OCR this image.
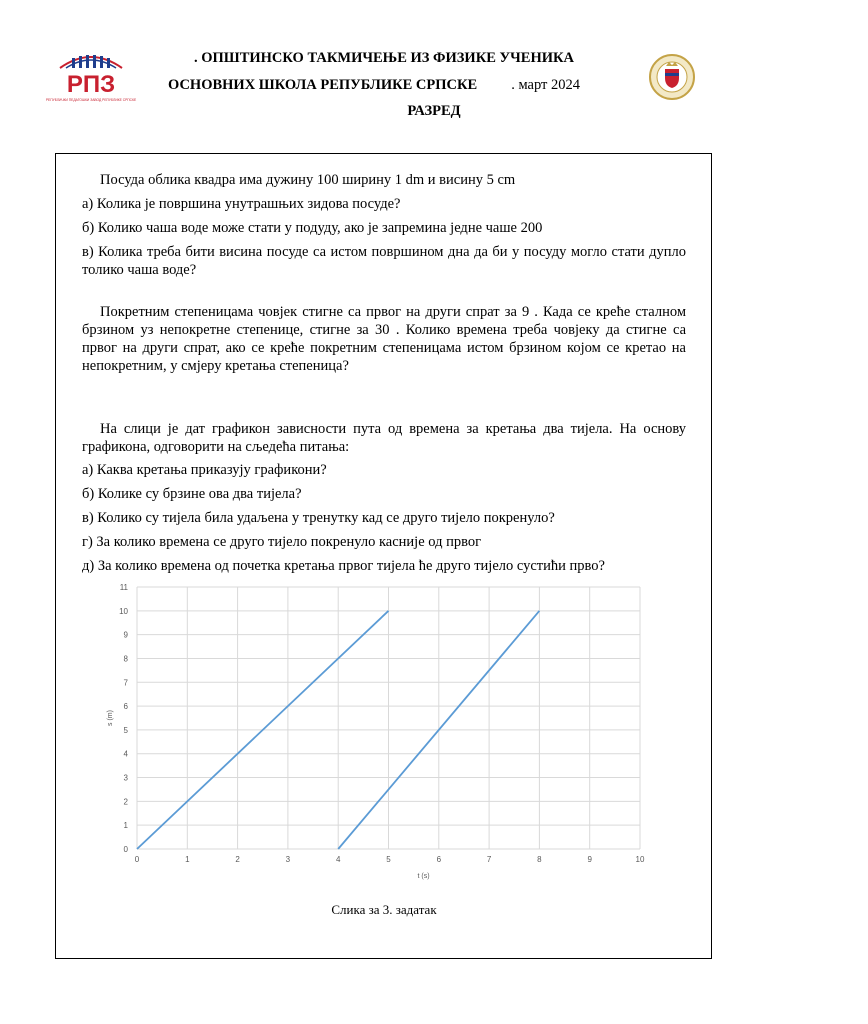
РПЗ
РЕПУБЛИЧКИ ПЕДАГОШКИ ЗАВОД РЕПУБЛИКЕ СРПСКЕ
. ОПШТИНСКО ТАКМИЧЕЊЕ ИЗ ФИЗИКЕ УЧЕНИКА
ОСНОВНИХ ШКОЛА РЕПУБЛИКЕ СРПСКЕ . март 2024
РАЗРЕД
Посуда облика квадра има дужину 100 ширину 1 dm и висину 5 cm
а) Колика је површина унутрашњих зидова посуде?
б) Колико чаша воде може стати у подуду, ако је запремина једне чаше 200
в) Колика треба бити висина посуде са истом површином дна да би у посуду могло стати дупло толико чаша воде?
Покретним степеницама човјек стигне са првог на други спрат за 9 . Када се креће сталном брзином уз непокретне степенице, стигне за 30 . Колико времена треба човјеку да стигне са првог на други спрат, ако се креће покретним степеницама истом брзином којом се кретао на непокретним, у смјеру кретања степеница?
На слици је дат графикон зависности пута од времена за кретања два тијела. На основу графикона, одговорити на сљедећа питања:
а) Каква кретања приказују графикони?
б) Колике су брзине ова два тијела?
в) Колико су тијела била удаљена у тренутку кад се друго тијело покренуло?
г) За колико времена се друго тијело покренуло касније од првог
д) За колико времена од почетка кретања првог тијела ће друго тијело сустићи прво?
0	1	2	3	4	5	6	7	8	9	10
0
1
2
3
4
5
6
7
8
9
10
11
t (s)
s (m)
Слика за 3. задатак
